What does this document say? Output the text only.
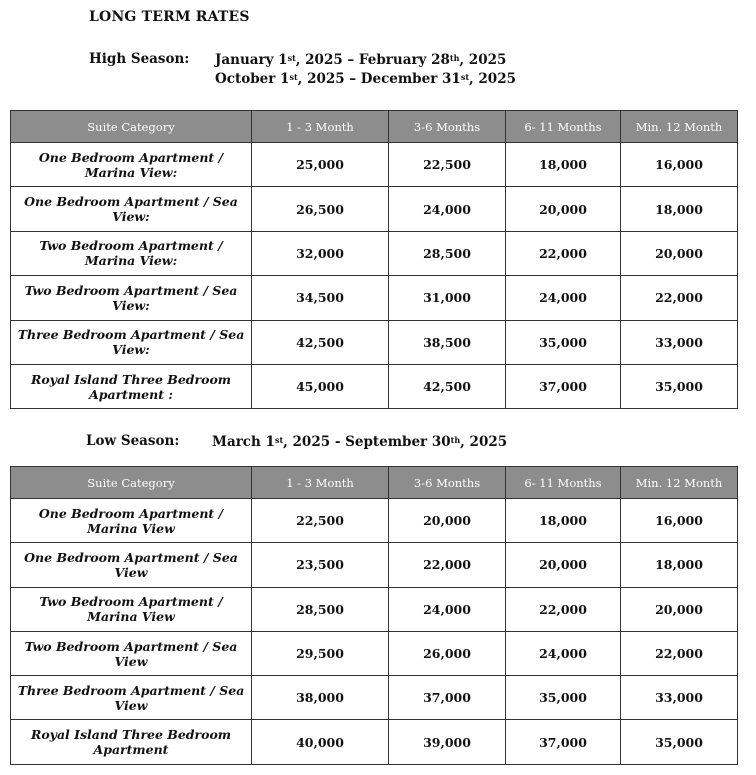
LONG TERM RATES
High Season: January 1st, 2025 – February 28th, 2025
October 1st, 2025 – December 31st, 2025
Suite Category	1 - 3 Month	3-6 Months	6- 11 Months	Min. 12 Month
One Bedroom Apartment / Marina View:	25,000	22,500	18,000	16,000
One Bedroom Apartment / Sea View:	26,500	24,000	20,000	18,000
Two Bedroom Apartment / Marina View:	32,000	28,500	22,000	20,000
Two Bedroom Apartment / Sea View:	34,500	31,000	24,000	22,000
Three Bedroom Apartment / Sea View:	42,500	38,500	35,000	33,000
Royal Island Three Bedroom Apartment :	45,000	42,500	37,000	35,000
Low Season: March 1st, 2025 - September 30th, 2025
Suite Category	1 - 3 Month	3-6 Months	6- 11 Months	Min. 12 Month
One Bedroom Apartment / Marina View	22,500	20,000	18,000	16,000
One Bedroom Apartment / Sea View	23,500	22,000	20,000	18,000
Two Bedroom Apartment / Marina View	28,500	24,000	22,000	20,000
Two Bedroom Apartment / Sea View	29,500	26,000	24,000	22,000
Three Bedroom Apartment / Sea View	38,000	37,000	35,000	33,000
Royal Island Three Bedroom Apartment	40,000	39,000	37,000	35,000
